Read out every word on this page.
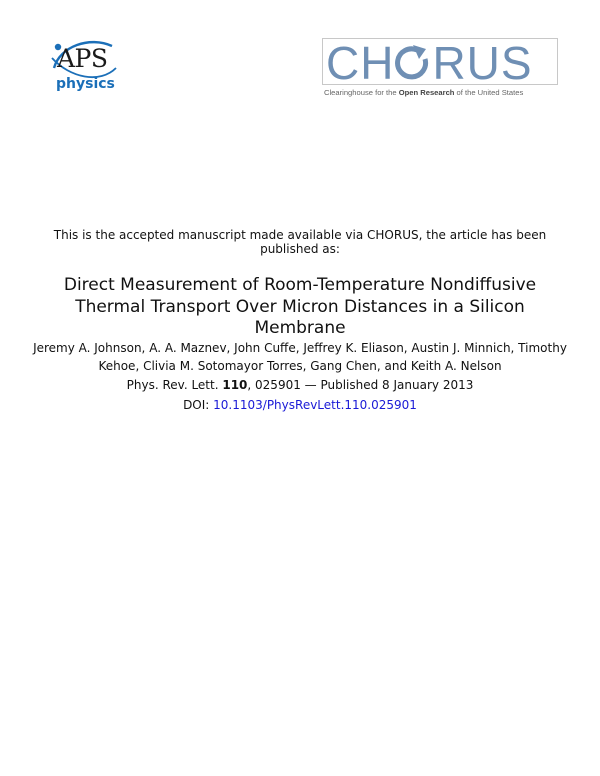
APS
physics	CH RUS
Clearinghouse for the Open Research of the United States
This is the accepted manuscript made available via CHORUS, the article has been published as:
Direct Measurement of Room-Temperature Nondiffusive Thermal Transport Over Micron Distances in a Silicon Membrane
Jeremy A. Johnson, A. A. Maznev, John Cuffe, Jeffrey K. Eliason, Austin J. Minnich, Timothy Kehoe, Clivia M. Sotomayor Torres, Gang Chen, and Keith A. Nelson
Phys. Rev. Lett. 110, 025901 — Published 8 January 2013
DOI: 10.1103/PhysRevLett.110.025901
